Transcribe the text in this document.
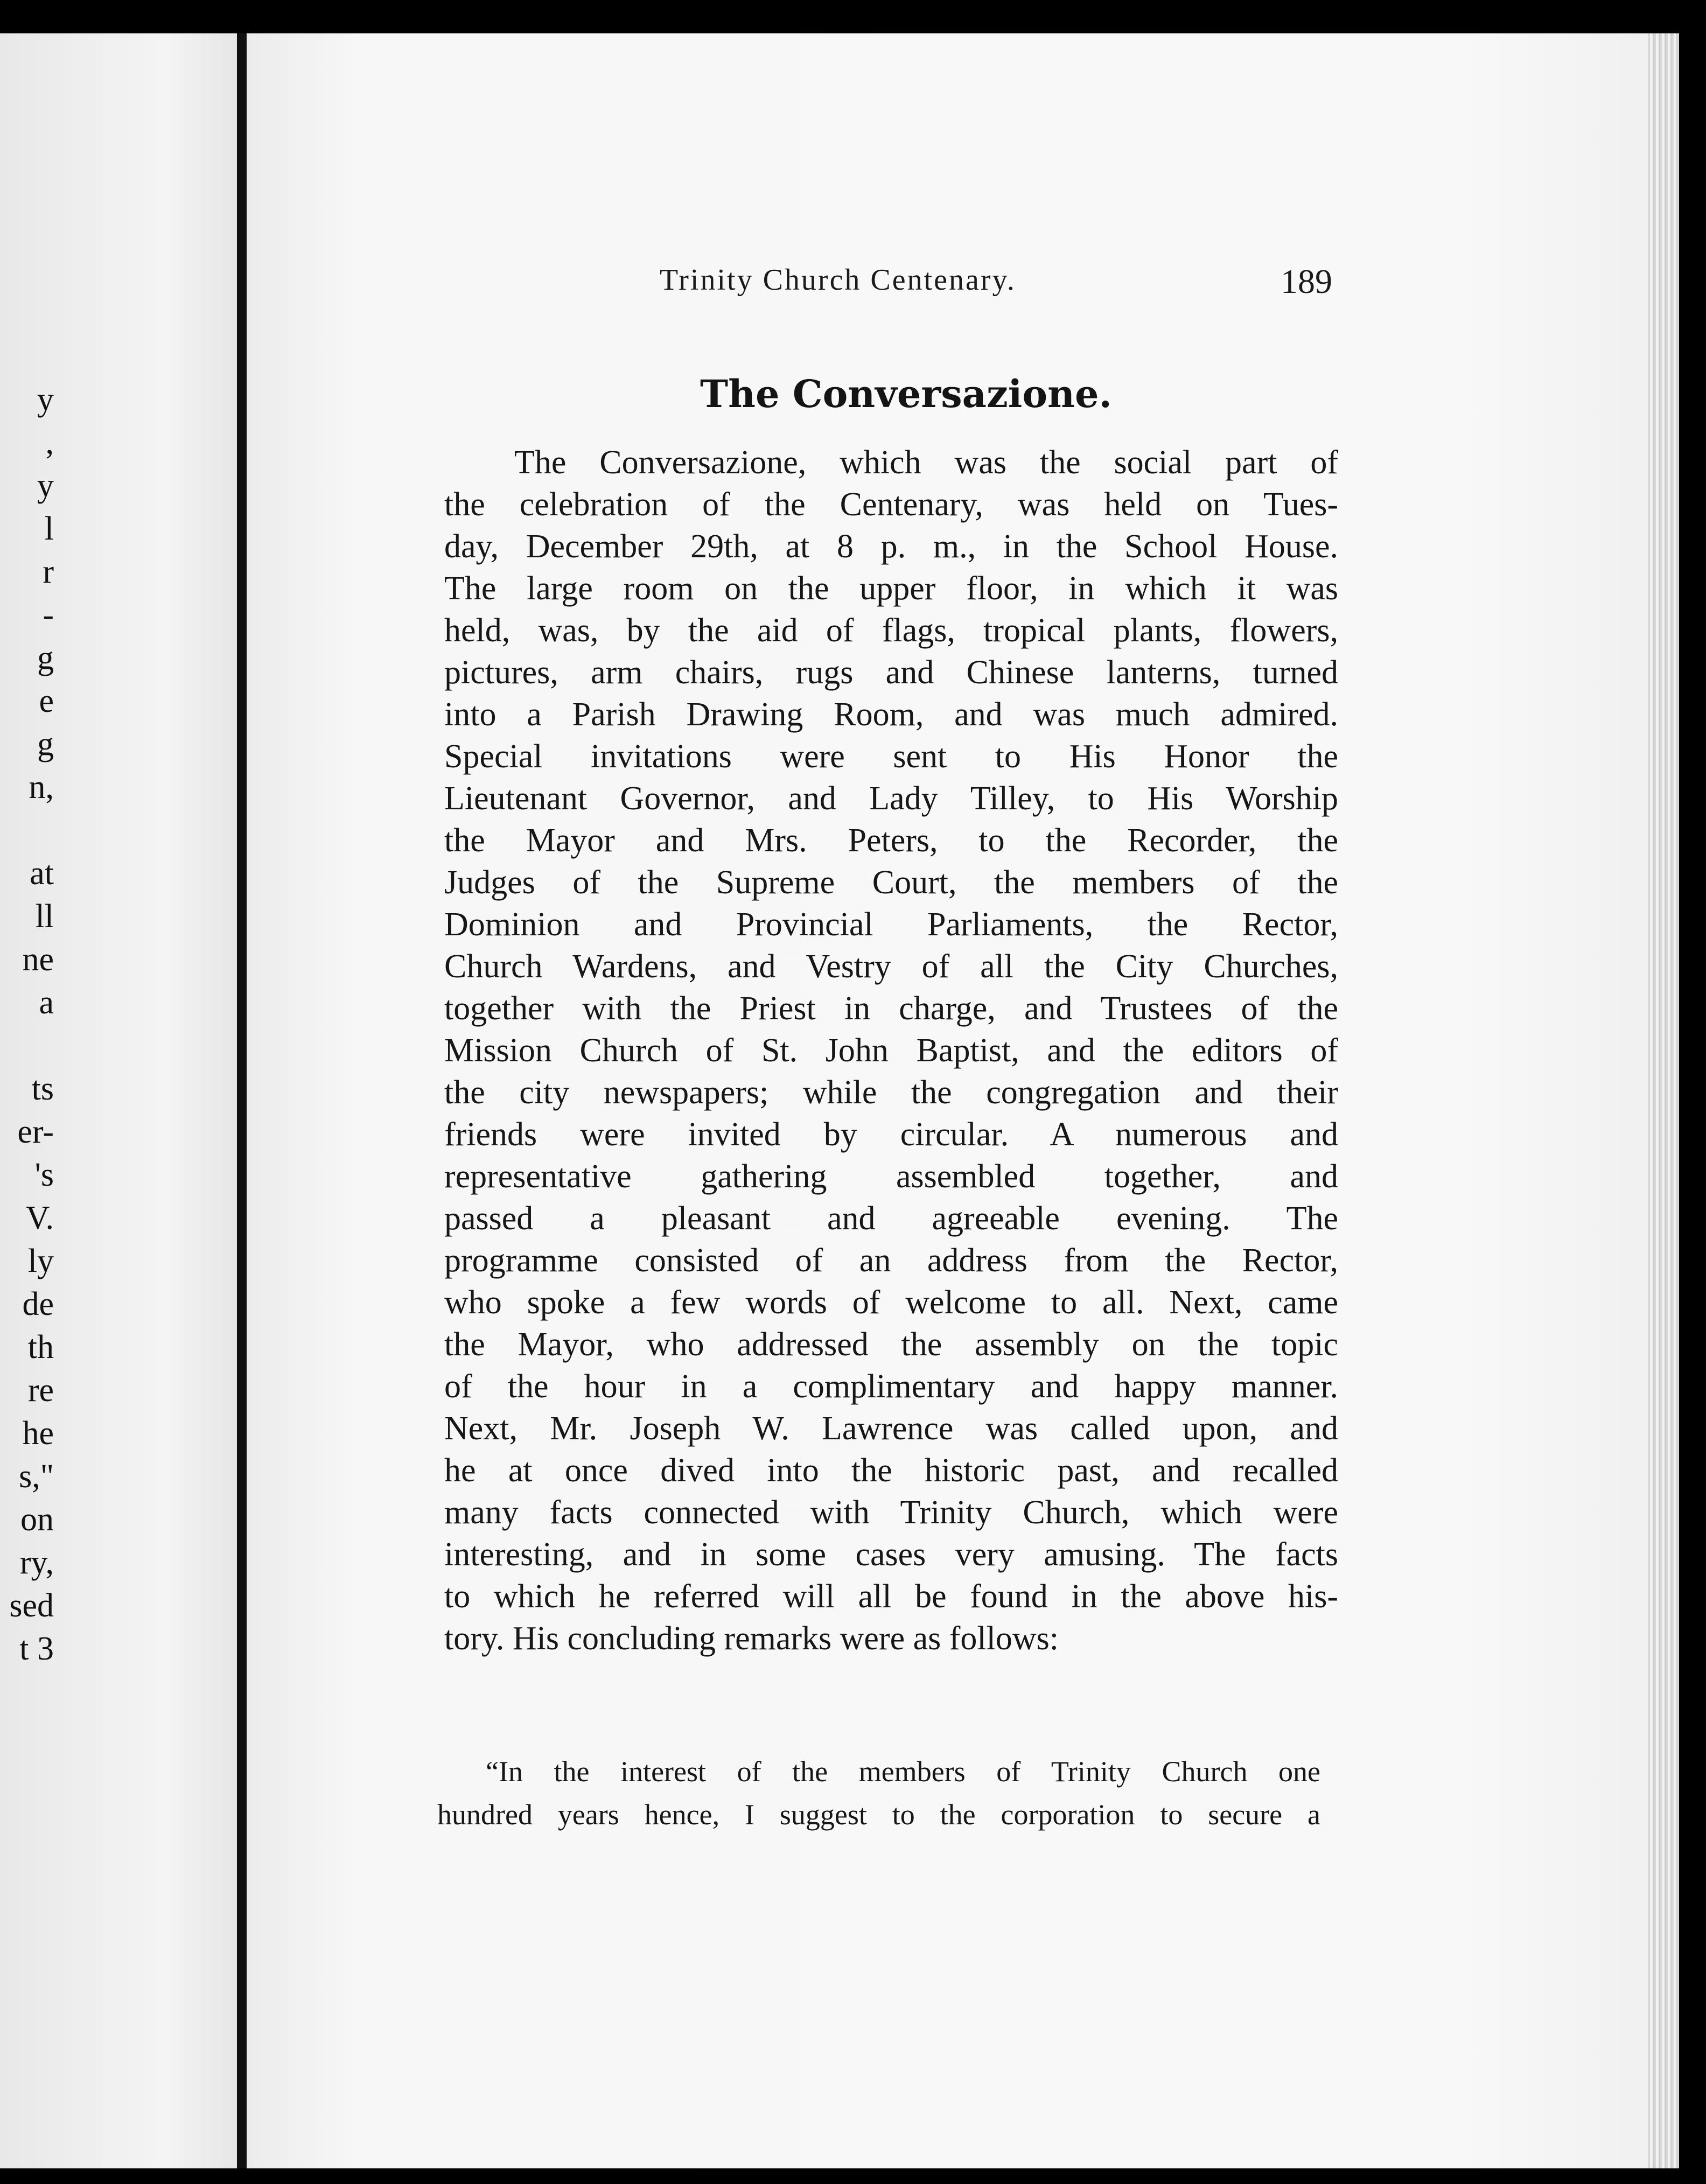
y
,
y
l
r
-
g
e
g
n,
at
ll
ne
a
ts
er-
's
V.
ly
de
th
re
he
s,"
on
ry,
sed
t 3
Trinity Church Centenary.	189
The Conversazione.
The Conversazione, which was the social part of
the celebration of the Centenary, was held on Tues-
day, December 29th, at 8 p. m., in the School House.
The large room on the upper floor, in which it was
held, was, by the aid of flags, tropical plants, flowers,
pictures, arm chairs, rugs and Chinese lanterns, turned
into a Parish Drawing Room, and was much admired.
Special invitations were sent to His Honor the
Lieutenant Governor, and Lady Tilley, to His Worship
the Mayor and Mrs. Peters, to the Recorder, the
Judges of the Supreme Court, the members of the
Dominion and Provincial Parliaments, the Rector,
Church Wardens, and Vestry of all the City Churches,
together with the Priest in charge, and Trustees of the
Mission Church of St. John Baptist, and the editors of
the city newspapers; while the congregation and their
friends were invited by circular. A numerous and
representative gathering assembled together, and
passed a pleasant and agreeable evening. The
programme consisted of an address from the Rector,
who spoke a few words of welcome to all. Next, came
the Mayor, who addressed the assembly on the topic
of the hour in a complimentary and happy manner.
Next, Mr. Joseph W. Lawrence was called upon, and
he at once dived into the historic past, and recalled
many facts connected with Trinity Church, which were
interesting, and in some cases very amusing. The facts
to which he referred will all be found in the above his-
tory. His concluding remarks were as follows:
“In the interest of the members of Trinity Church one
hundred years hence, I suggest to the corporation to secure a
